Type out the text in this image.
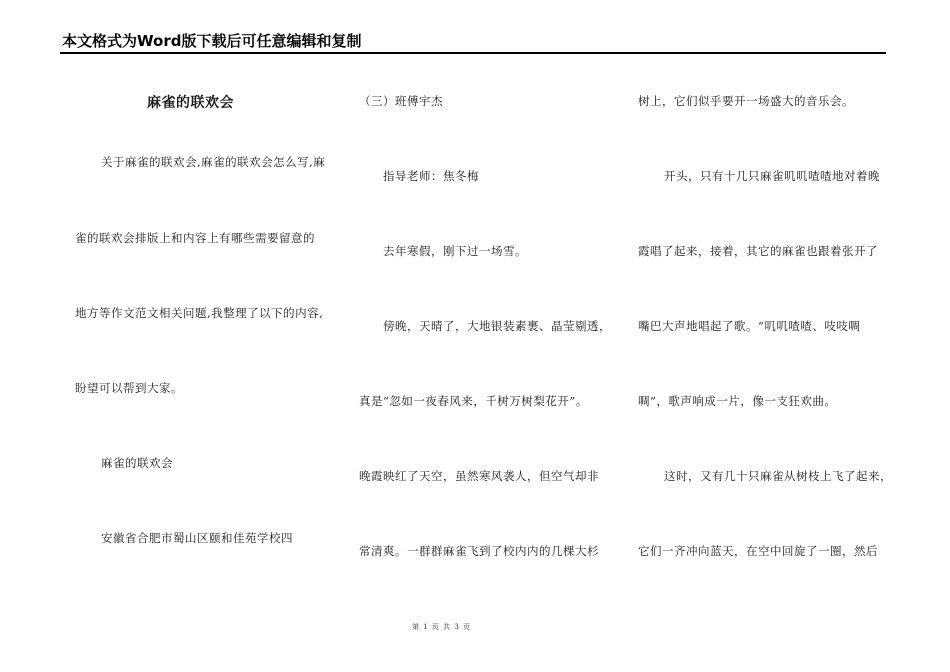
本文格式为Word版下载后可任意编辑和复制
麻雀的联欢会
关于麻雀的联欢会,麻雀的联欢会怎么写,麻
雀的联欢会排版上和内容上有哪些需要留意的
地方等作文范文相关问题,我整理了以下的内容,
盼望可以帮到大家。
麻雀的联欢会
安徽省合肥市蜀山区颐和佳苑学校四
（三）班傅宇杰
指导老师：焦冬梅
去年寒假，刚下过一场雪。
傍晚，天晴了，大地银装素裹、晶莹剔透，
真是“忽如一夜春风来，千树万树梨花开”。
晚霞映红了天空，虽然寒风袭人，但空气却非
常清爽。一群群麻雀飞到了校内内的几棵大杉
树上，它们似乎要开一场盛大的音乐会。
开头，只有十几只麻雀叽叽喳喳地对着晚
霞唱了起来，接着，其它的麻雀也跟着张开了
嘴巴大声地唱起了歌。“叽叽喳喳、吱吱啁
啁”，歌声响成一片，像一支狂欢曲。
这时，又有几十只麻雀从树枝上飞了起来，
它们一齐冲向蓝天，在空中回旋了一圈，然后
第 1 页 共 3 页
